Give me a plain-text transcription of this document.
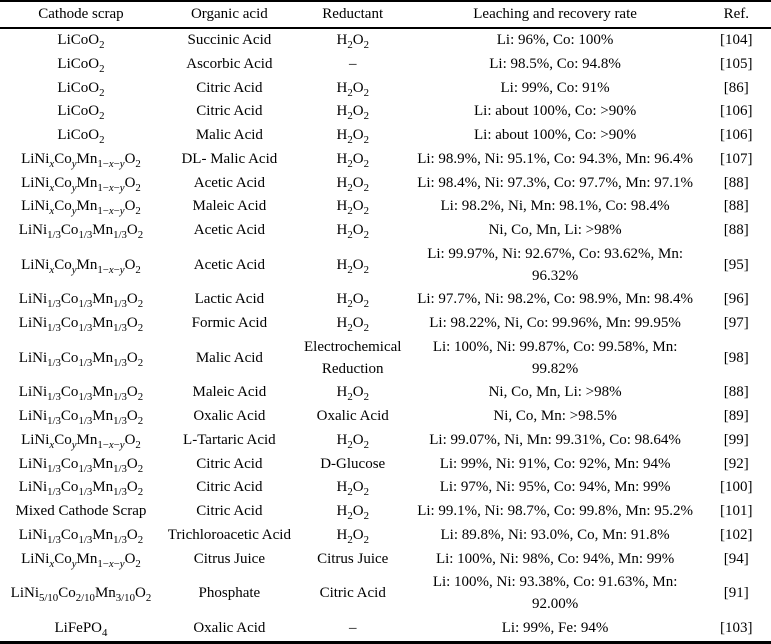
Cathode scrap	Organic acid	Reductant	Leaching and recovery rate	Ref.
LiCoO$_2$	Succinic Acid	$H_2O_2$	Li: 96%, Co: 100%	[104]
LiCoO$_2$	Ascorbic Acid	–	Li: 98.5%, Co: 94.8%	[105]
LiCoO$_2$	Citric Acid	$H_2O_2$	Li: 99%, Co: 91%	[86]
LiCoO$_2$	Citric Acid	$H_2O_2$	Li: about 100%, Co: >90%	[106]
LiCoO$_2$	Malic Acid	$H_2O_2$	Li: about 100%, Co: >90%	[106]
$LiNi_xCo_yMn_{1-x-y}O_2$	DL- Malic Acid	$H_2O_2$	Li: 98.9%, Ni: 95.1%, Co: 94.3%, Mn: 96.4%	[107]
$LiNi_xCo_yMn_{1-x-y}O_2$	Acetic Acid	$H_2O_2$	Li: 98.4%, Ni: 97.3%, Co: 97.7%, Mn: 97.1%	[88]
$LiNi_xCo_yMn_{1-x-y}O_2$	Maleic Acid	$H_2O_2$	Li: 98.2%, Ni, Mn: 98.1%, Co: 98.4%	[88]
$LiNi_{1/3}Co_{1/3}Mn_{1/3}O_2$	Acetic Acid	$H_2O_2$	Ni, Co, Mn, Li: >98%	[88]
$LiNi_xCo_yMn_{1-x-y}O_2$	Acetic Acid	$H_2O_2$	Li: 99.97%, Ni: 92.67%, Co: 93.62%, Mn: 96.32%	[95]
$LiNi_{1/3}Co_{1/3}Mn_{1/3}O_2$	Lactic Acid	$H_2O_2$	Li: 97.7%, Ni: 98.2%, Co: 98.9%, Mn: 98.4%	[96]
$LiNi_{1/3}Co_{1/3}Mn_{1/3}O_2$	Formic Acid	$H_2O_2$	Li: 98.22%, Ni, Co: 99.96%, Mn: 99.95%	[97]
$LiNi_{1/3}Co_{1/3}Mn_{1/3}O_2$	Malic Acid	Electrochemical Reduction	Li: 100%, Ni: 99.87%, Co: 99.58%, Mn: 99.82%	[98]
$LiNi_{1/3}Co_{1/3}Mn_{1/3}O_2$	Maleic Acid	$H_2O_2$	Ni, Co, Mn, Li: >98%	[88]
$LiNi_{1/3}Co_{1/3}Mn_{1/3}O_2$	Oxalic Acid	Oxalic Acid	Ni, Co, Mn: >98.5%	[89]
$LiNi_xCo_yMn_{1-x-y}O_2$	L-Tartaric Acid	$H_2O_2$	Li: 99.07%, Ni, Mn: 99.31%, Co: 98.64%	[99]
$LiNi_{1/3}Co_{1/3}Mn_{1/3}O_2$	Citric Acid	D-Glucose	Li: 99%, Ni: 91%, Co: 92%, Mn: 94%	[92]
$LiNi_{1/3}Co_{1/3}Mn_{1/3}O_2$	Citric Acid	$H_2O_2$	Li: 97%, Ni: 95%, Co: 94%, Mn: 99%	[100]
Mixed Cathode Scrap	Citric Acid	$H_2O_2$	Li: 99.1%, Ni: 98.7%, Co: 99.8%, Mn: 95.2%	[101]
$LiNi_{1/3}Co_{1/3}Mn_{1/3}O_2$	Trichloroacetic Acid	$H_2O_2$	Li: 89.8%, Ni: 93.0%, Co, Mn: 91.8%	[102]
$LiNi_xCo_yMn_{1-x-y}O_2$	Citrus Juice	Citrus Juice	Li: 100%, Ni: 98%, Co: 94%, Mn: 99%	[94]
$LiNi_{5/10}Co_{2/10}Mn_{3/10}O_2$	Phosphate	Citric Acid	Li: 100%, Ni: 93.38%, Co: 91.63%, Mn: 92.00%	[91]
LiFePO$_4$	Oxalic Acid	–	Li: 99%, Fe: 94%	[103]
